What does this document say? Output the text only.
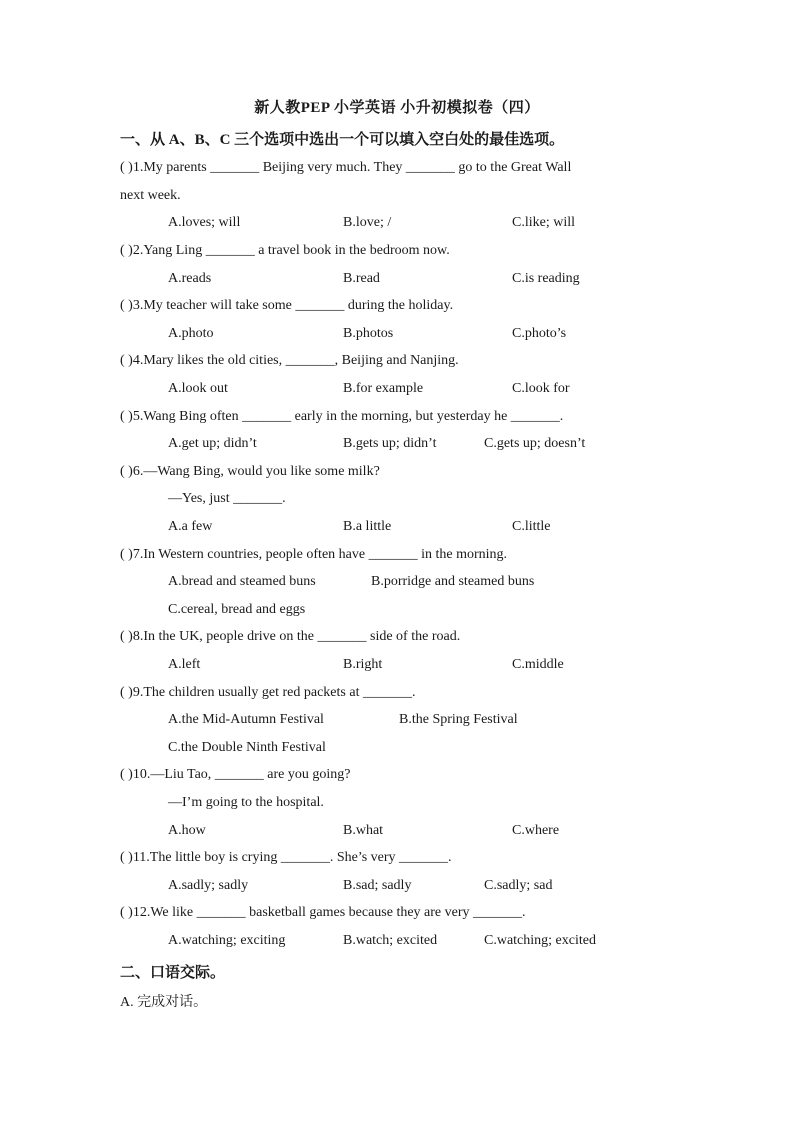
新人教PEP 小学英语 小升初模拟卷（四）
一、从 A、B、C 三个选项中选出一个可以填入空白处的最佳选项。
( )1.My parents _______ Beijing very much. They _______ go to the Great Wall
next week.
A.loves; will	B.love; /	C.like; will
( )2.Yang Ling _______ a travel book in the bedroom now.
A.reads	B.read	C.is reading
( )3.My teacher will take some _______ during the holiday.
A.photo	B.photos	C.photo’s
( )4.Mary likes the old cities, _______, Beijing and Nanjing.
A.look out	B.for example	C.look for
( )5.Wang Bing often _______ early in the morning, but yesterday he _______.
A.get up; didn’t	B.gets up; didn’t	C.gets up; doesn’t
( )6.—Wang Bing, would you like some milk?
—Yes, just _______.
A.a few	B.a little	C.little
( )7.In Western countries, people often have _______ in the morning.
A.bread and steamed buns	B.porridge and steamed buns
C.cereal, bread and eggs
( )8.In the UK, people drive on the _______ side of the road.
A.left	B.right	C.middle
( )9.The children usually get red packets at _______.
A.the Mid-Autumn Festival	B.the Spring Festival
C.the Double Ninth Festival
( )10.—Liu Tao, _______ are you going?
—I’m going to the hospital.
A.how	B.what	C.where
( )11.The little boy is crying _______. She’s very _______.
A.sadly; sadly	B.sad; sadly	C.sadly; sad
( )12.We like _______ basketball games because they are very _______.
A.watching; exciting	B.watch; excited	C.watching; excited
二、口语交际。
A. 完成对话。
